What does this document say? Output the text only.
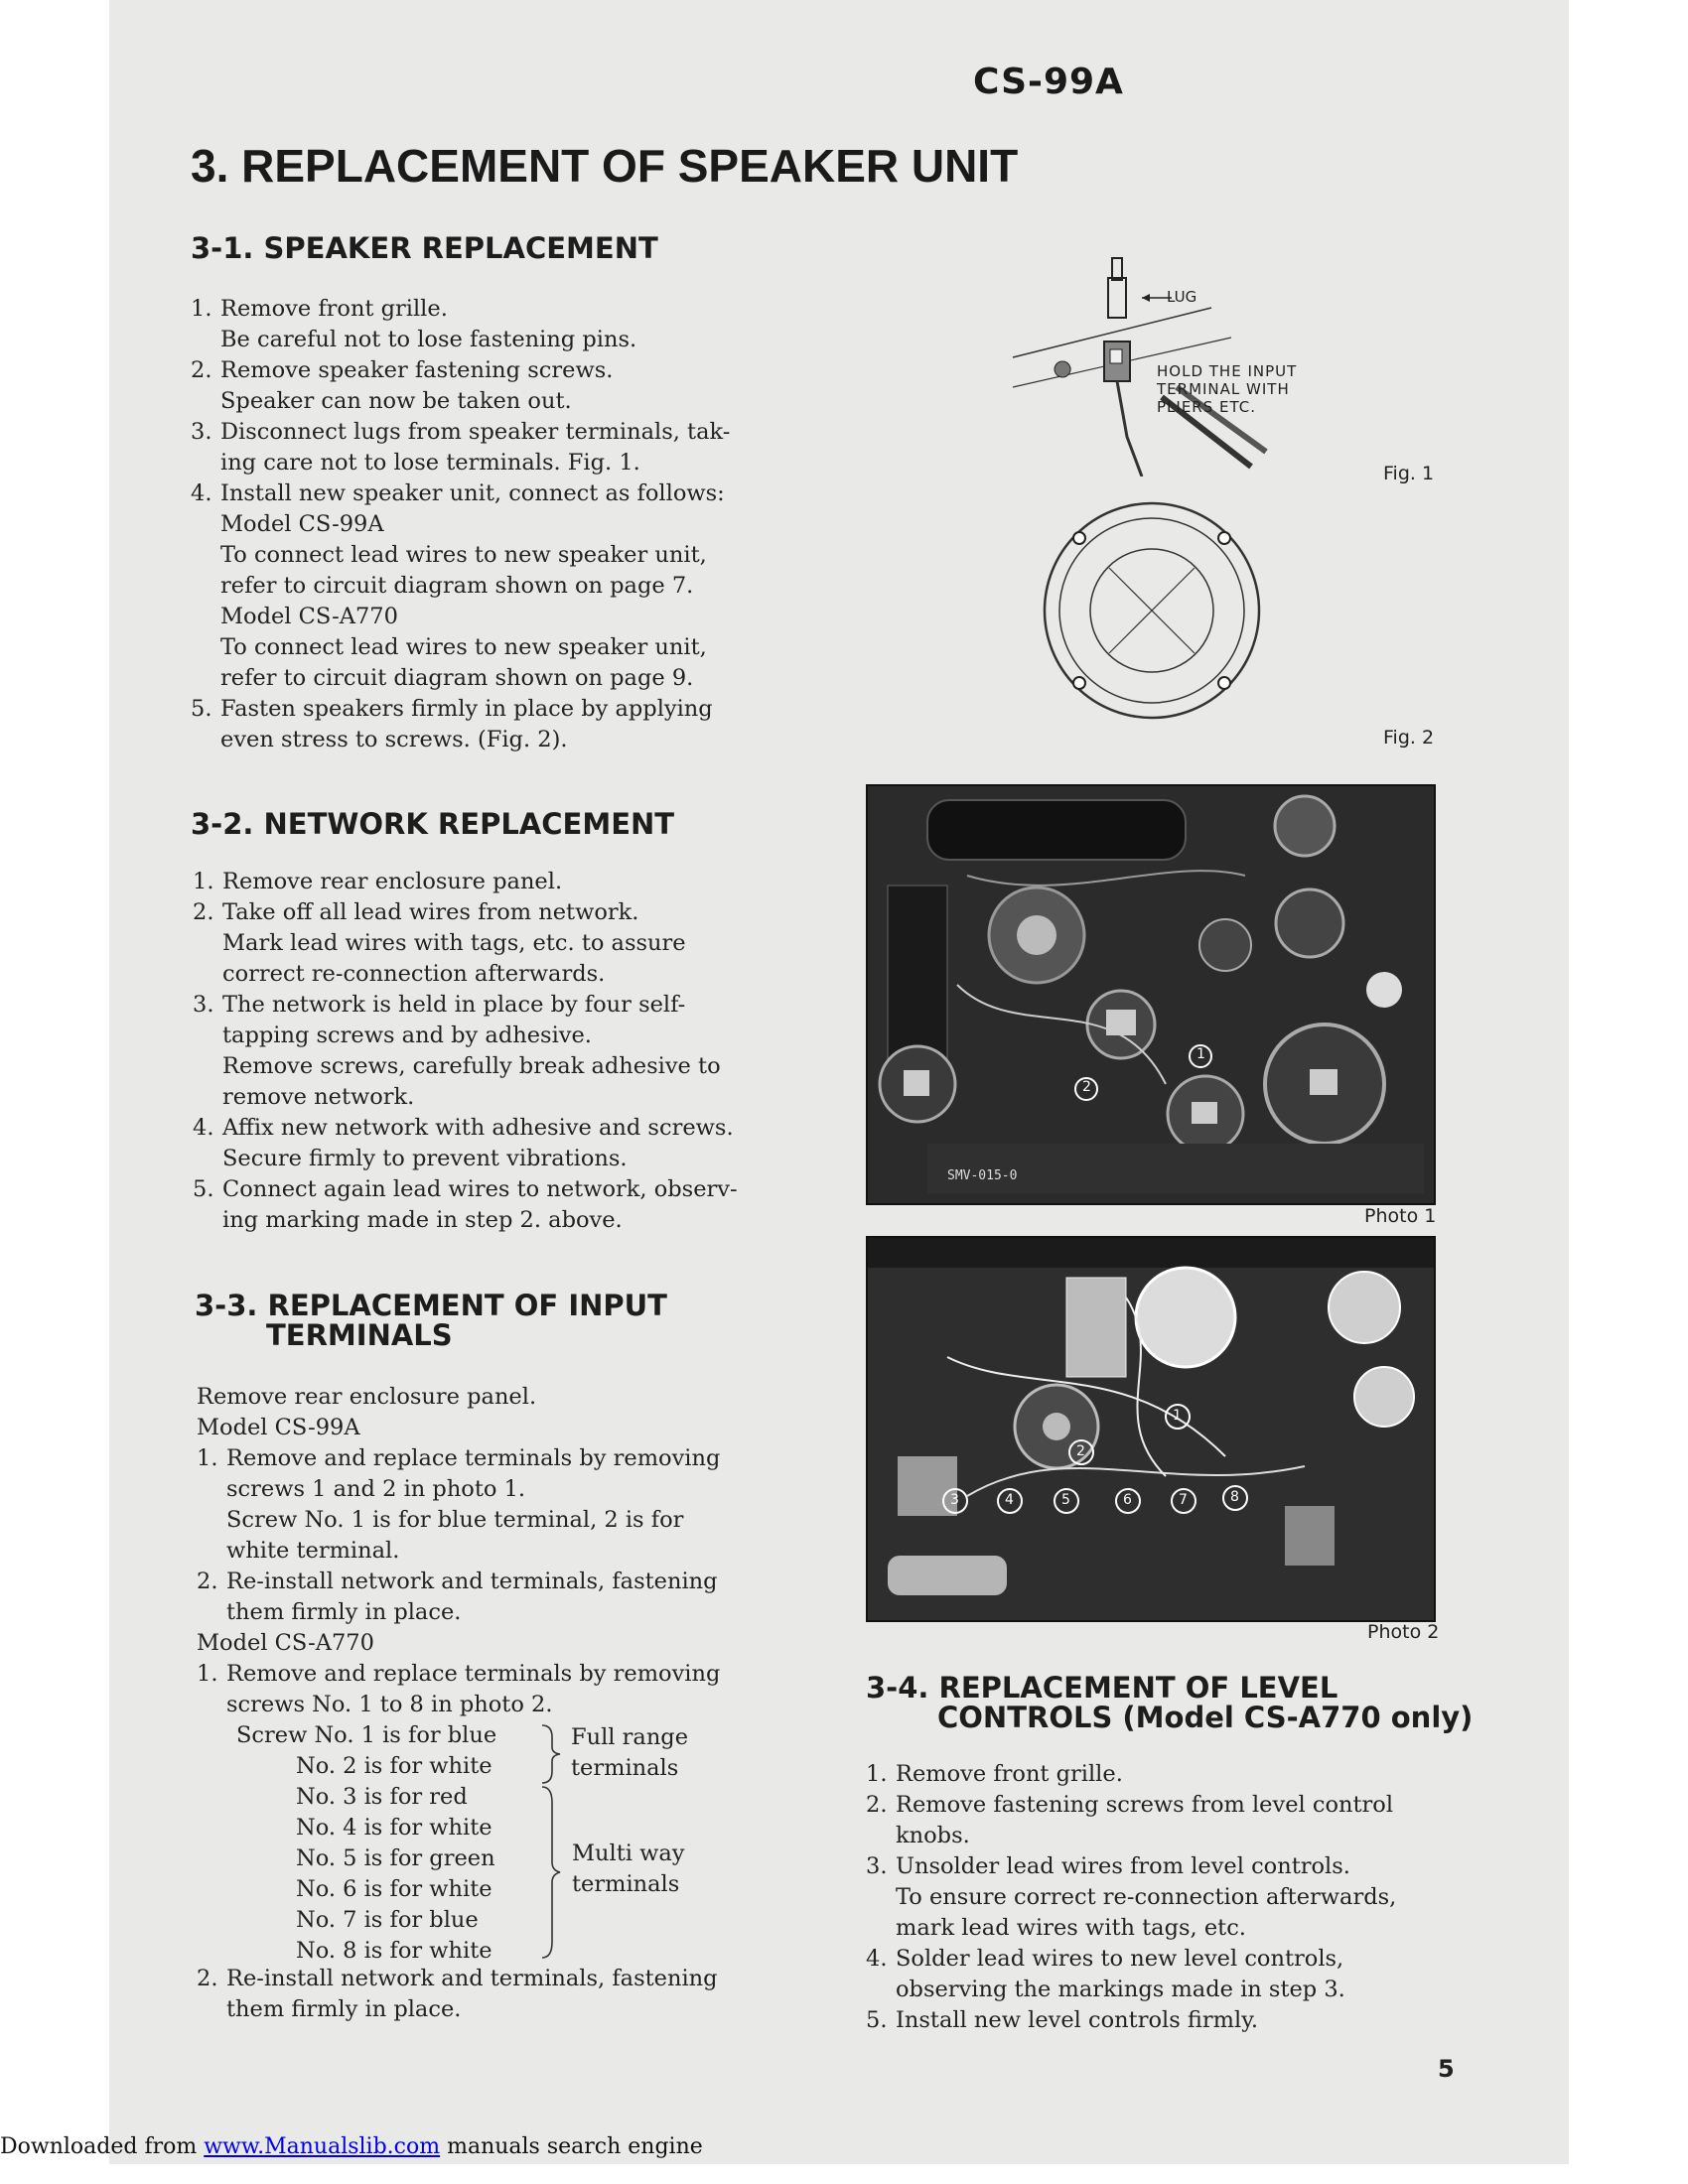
CS-99A
3. REPLACEMENT OF SPEAKER UNIT
3-1. SPEAKER REPLACEMENT
1. Remove front grille.
Be careful not to lose fastening pins.
2. Remove speaker fastening screws.
Speaker can now be taken out.
3. Disconnect lugs from speaker terminals, tak-
ing care not to lose terminals. Fig. 1.
4. Install new speaker unit, connect as follows:
Model CS-99A
To connect lead wires to new speaker unit,
refer to circuit diagram shown on page 7.
Model CS-A770
To connect lead wires to new speaker unit,
refer to circuit diagram shown on page 9.
5. Fasten speakers firmly in place by applying
even stress to screws. (Fig. 2).
3-2. NETWORK REPLACEMENT
1. Remove rear enclosure panel.
2. Take off all lead wires from network.
Mark lead wires with tags, etc. to assure
correct re-connection afterwards.
3. The network is held in place by four self-
tapping screws and by adhesive.
Remove screws, carefully break adhesive to
remove network.
4. Affix new network with adhesive and screws.
Secure firmly to prevent vibrations.
5. Connect again lead wires to network, observ-
ing marking made in step 2. above.
3-3. REPLACEMENT OF INPUT
TERMINALS

Remove rear enclosure panel.

Model CS-99A

1. Remove and replace terminals by removing
screws 1 and 2 in photo 1.
Screw No. 1 is for blue terminal, 2 is for
white terminal.
2. Re-install network and terminals, fastening
them firmly in place.

Model CS-A770

1. Remove and replace terminals by removing
screws No. 1 to 8 in photo 2.
Screw No. 1 is for blue
No. 2 is for white
No. 3 is for red
No. 4 is for white
No. 5 is for green
No. 6 is for white
No. 7 is for blue
No. 8 is for white
Full range
terminals
Multi way
terminals
2. Re-install network and terminals, fastening
them firmly in place.
LUG
HOLD THE INPUT
TERMINAL WITH
PLIERS ETC.
Fig. 1
Fig. 2
1
2
SMV-015-0
Photo 1
1
2
3	4	5	6	7	8
Photo 2
3-4. REPLACEMENT OF LEVEL
CONTROLS (Model CS-A770 only)
1. Remove front grille.
2. Remove fastening screws from level control
knobs.
3. Unsolder lead wires from level controls.
To ensure correct re-connection afterwards,
mark lead wires with tags, etc.
4. Solder lead wires to new level controls,
observing the markings made in step 3.
5. Install new level controls firmly.
5
Downloaded from www.Manualslib.com manuals search engine
